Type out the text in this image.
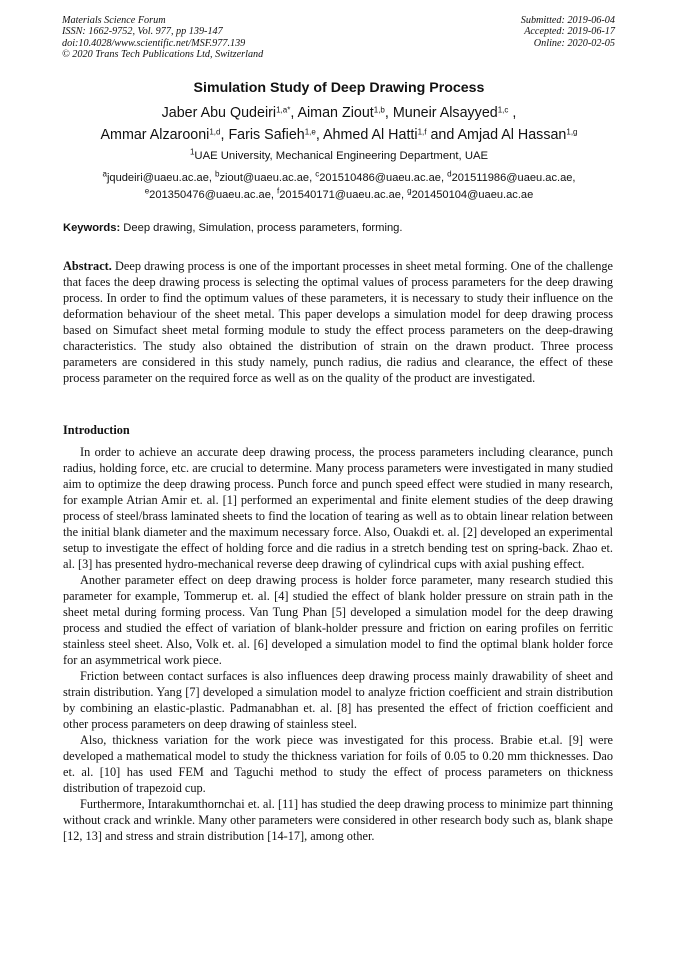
Materials Science Forum
ISSN: 1662-9752, Vol. 977, pp 139-147
doi:10.4028/www.scientific.net/MSF.977.139
© 2020 Trans Tech Publications Ltd, Switzerland
Submitted: 2019-06-04
Accepted: 2019-06-17
Online: 2020-02-05
Simulation Study of Deep Drawing Process
Jaber Abu Qudeiri$^{1,a*}$, Aiman Ziout$^{1,b}$, Muneir Alsayyed$^{1,c}$ ,
Ammar Alzarooni$^{1,d}$, Faris Safieh$^{1,e}$, Ahmed Al Hatti$^{1,f}$ and Amjad Al Hassan$^{1,g}$
$^1$UAE University, Mechanical Engineering Department, UAE
$^a$jqudeiri@uaeu.ac.ae, $^b$ziout@uaeu.ac.ae, $^c$201510486@uaeu.ac.ae, $^d$201511986@uaeu.ac.ae,
$^e$201350476@uaeu.ac.ae, $^f$201540171@uaeu.ac.ae, $^g$201450104@uaeu.ac.ae
Keywords: Deep drawing, Simulation, process parameters, forming.
Abstract. Deep drawing process is one of the important processes in sheet metal forming. One of the challenge that faces the deep drawing process is selecting the optimal values of process parameters for the deep drawing process. In order to find the optimum values of these parameters, it is necessary to study their influence on the deformation behaviour of the sheet metal. This paper develops a simulation model for deep drawing process based on Simufact sheet metal forming module to study the effect process parameters on the deep-drawing characteristics. The study also obtained the distribution of strain on the drawn product. Three process parameters are considered in this study namely, punch radius, die radius and clearance, the effect of these process parameter on the required force as well as on the quality of the product are investigated.
Introduction

In order to achieve an accurate deep drawing process, the process parameters including clearance, punch radius, holding force, etc. are crucial to determine. Many process parameters were investigated in many studied aim to optimize the deep drawing process. Punch force and punch speed effect were studied in many research, for example Atrian Amir et. al. [1] performed an experimental and finite element studies of the deep drawing process of steel/brass laminated sheets to find the location of tearing as well as to obtain linear relation between the initial blank diameter and the maximum necessary force. Also, Ouakdi et. al. [2] developed an experimental setup to investigate the effect of holding force and die radius in a stretch bending test on spring-back. Zhao et. al. [3] has presented hydro-mechanical reverse deep drawing of cylindrical cups with axial pushing effect.

Another parameter effect on deep drawing process is holder force parameter, many research studied this parameter for example, Tommerup et. al. [4] studied the effect of blank holder pressure on strain path in the sheet metal during forming process. Van Tung Phan [5] developed a simulation model for the deep drawing process and studied the effect of variation of blank-holder pressure and friction on earing profiles on ferritic stainless steel sheet. Also, Volk et. al. [6] developed a simulation model to find the optimal blank holder force for an asymmetrical work piece.

Friction between contact surfaces is also influences deep drawing process mainly drawability of sheet and strain distribution. Yang [7] developed a simulation model to analyze friction coefficient and strain distribution by combining an elastic-plastic. Padmanabhan et. al. [8] has presented the effect of friction coefficient and other process parameters on deep drawing of stainless steel.

Also, thickness variation for the work piece was investigated for this process. Brabie et.al. [9] were developed a mathematical model to study the thickness variation for foils of 0.05 to 0.20 mm thicknesses. Dao et. al. [10] has used FEM and Taguchi method to study the effect of process parameters on thickness distribution of trapezoid cup.

Furthermore, Intarakumthornchai et. al. [11] has studied the deep drawing process to minimize part thinning without crack and wrinkle. Many other parameters were considered in other research body such as, blank shape [12, 13] and stress and strain distribution [14-17], among other.
